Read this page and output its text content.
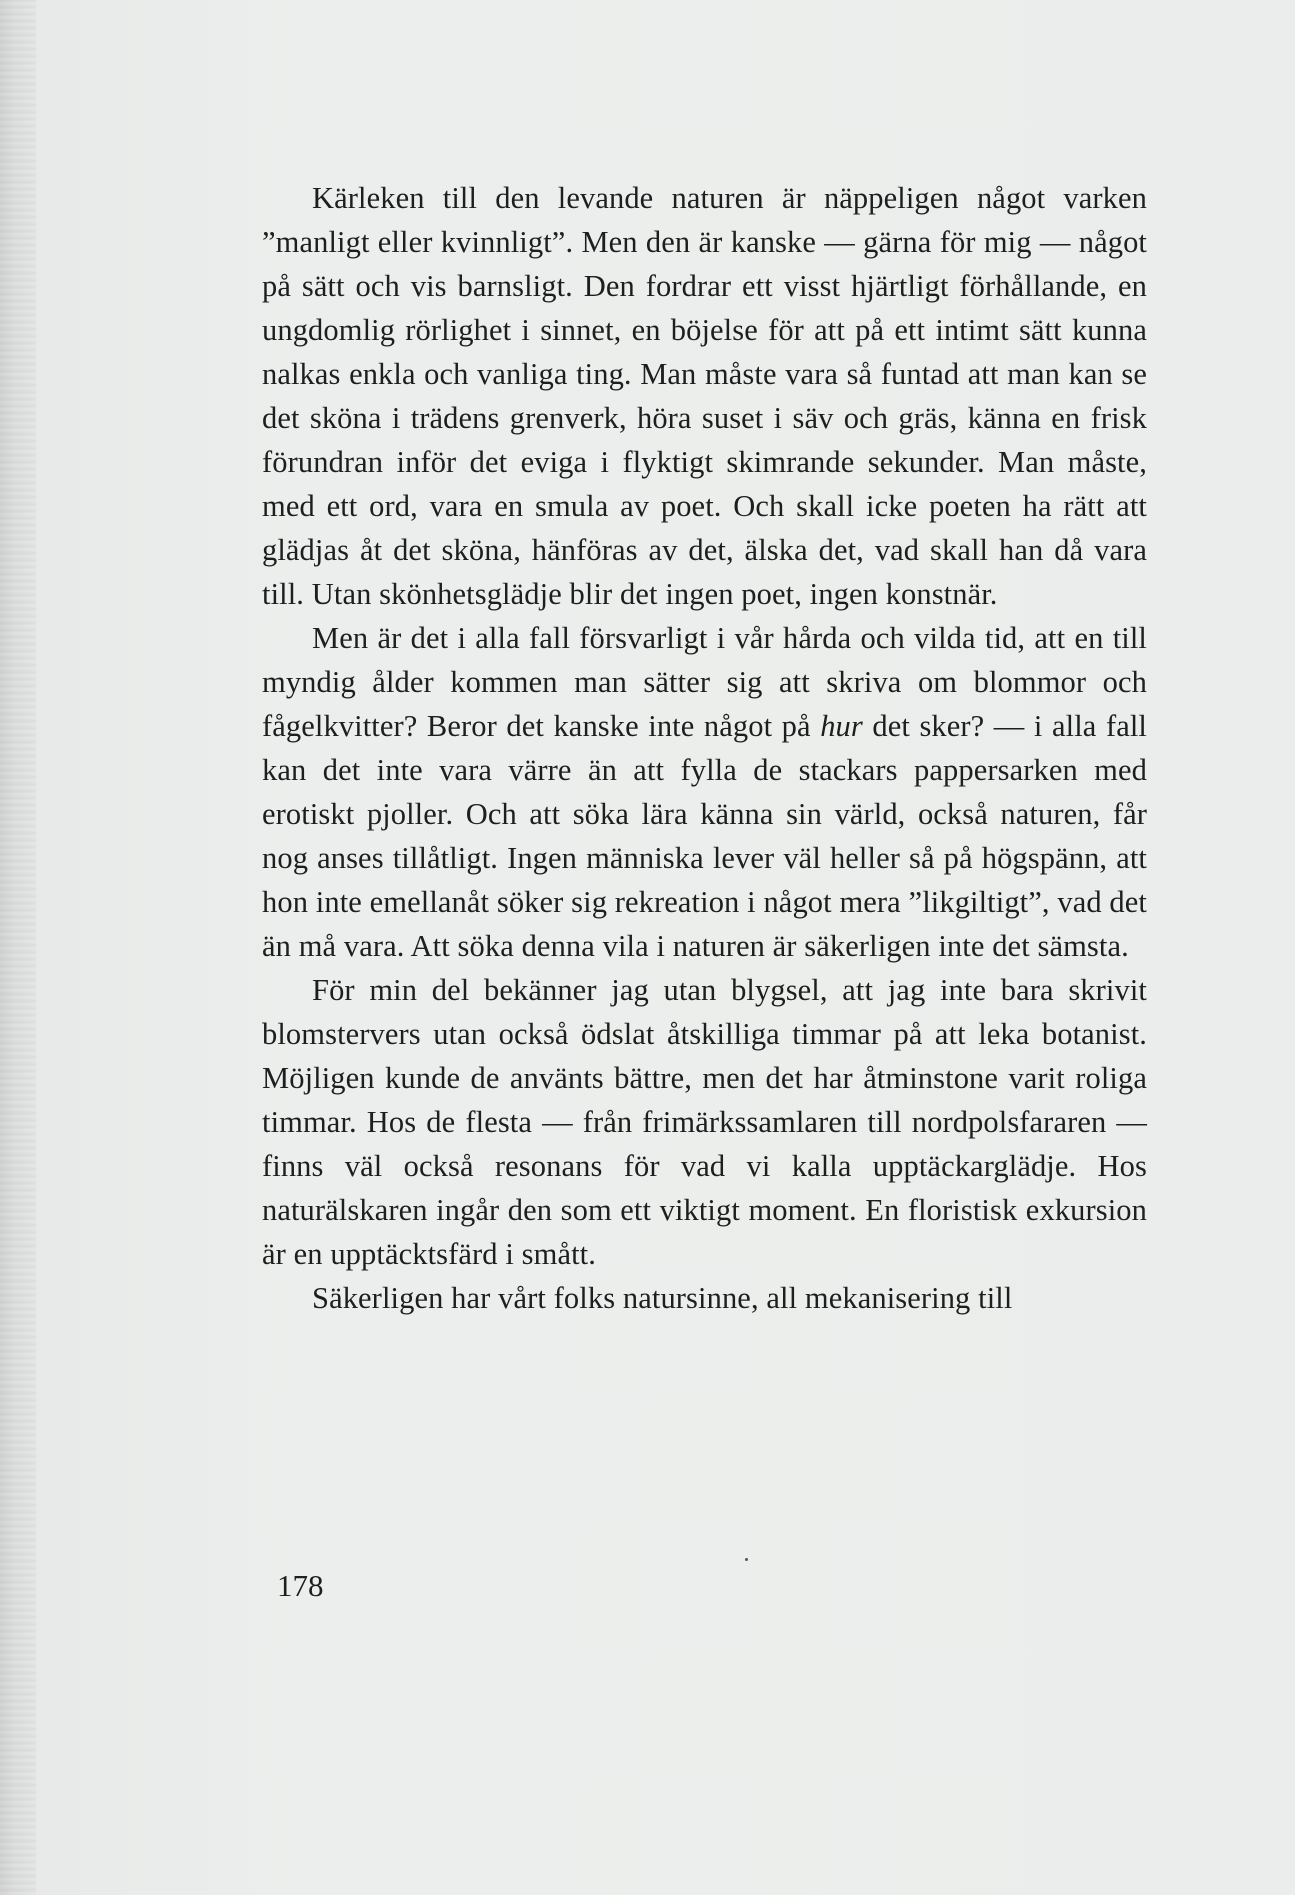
Kärleken till den levande naturen är näppeligen något varken ”manligt eller kvinnligt”. Men den är kanske — gärna för mig — något på sätt och vis barnsligt. Den fordrar ett visst hjärtligt förhållande, en ungdomlig rörlighet i sinnet, en böjelse för att på ett intimt sätt kunna nalkas enkla och vanliga ting. Man måste vara så funtad att man kan se det sköna i trädens grenverk, höra suset i säv och gräs, känna en frisk förundran inför det eviga i flyktigt skimrande sekunder. Man måste, med ett ord, vara en smula av poet. Och skall icke poeten ha rätt att glädjas åt det sköna, hänföras av det, älska det, vad skall han då vara till. Utan skönhetsglädje blir det ingen poet, ingen konstnär.

Men är det i alla fall försvarligt i vår hårda och vilda tid, att en till myndig ålder kommen man sätter sig att skriva om blommor och fågelkvitter? Beror det kanske inte något på hur det sker? — i alla fall kan det inte vara värre än att fylla de stackars pappersarken med erotiskt pjoller. Och att söka lära känna sin värld, också naturen, får nog anses tillåtligt. Ingen människa lever väl heller så på högspänn, att hon inte emellanåt söker sig rekreation i något mera ”likgiltigt”, vad det än må vara. Att söka denna vila i naturen är säkerligen inte det sämsta.

För min del bekänner jag utan blygsel, att jag inte bara skrivit blomstervers utan också ödslat åtskilliga timmar på att leka botanist. Möjligen kunde de använts bättre, men det har åtminstone varit roliga timmar. Hos de flesta — från frimärkssamlaren till nordpolsfararen — finns väl också resonans för vad vi kalla upptäckarglädje. Hos naturälskaren ingår den som ett viktigt moment. En floristisk exkursion är en upptäcktsfärd i smått.

Säkerligen har vårt folks natursinne, all mekanisering till

178
